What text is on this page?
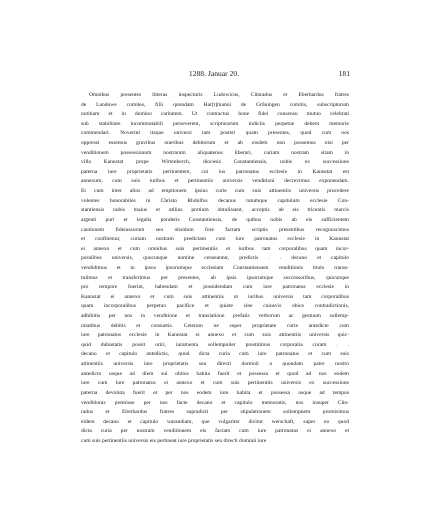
1288. Januar 20.	181
Omnibus presentes litteras inspecturis Ludowicus, Cůnradus et Eberhardus fratres
de Landowe comites, filii quondam Har[t]manni de Grůningen comitis, subscriptorum
notitiam et in domino caritatem. Ut contractus bone fidei consensu mutuo celebrati
sub stabilitate incommutabili perseverent, scripturarum indiciis perpetue debent memorie
commendari. Noverint itaque universi tam posteri quam presentes, quod cum nos
oppressi essemus gravibus oneribus debitorum et ab eisdem non possemus nisi per
venditionem possessionum nostrarum aliquatenus liberari, curiam nostram sitam in
villa Kannstat prope Wirtenberch, diocesis Constantiensis, nobis ex successione
paterna iure proprietatis pertinentem, cui ius patronatus ecclesie in Kannstat est
annexum, cum suis iuribus et pertinentiis universis venditioni decrevimus exponendam.
Et cum inter alios ad emptionem ipsius curie cum suis attinentiis universis procedere
volentes honorabiles in Christo Rhdolfus decanus totumque capitulum ecclesie Con-
stantiensis nobis maius et utilius pretium obtulissent, acceptis ab eis tricentis marcis
argenti puri et legalis ponderis Constantiensis, de quibus nobis ab eis sufficientem
cautionem fideiussorum seu obsidum fore factam scriptis presentibus recognoscimus
et confitemur, curiam nostram predictam cum iure patronatus ecclesie in Kannstat
ei annexo et cum omnibus suis pertinentiis et iuribus tam corporalibus quam incor-
poralibus universis, quocunque nomine censeantur, predictis . . decano et capitulo
vendidimus et in ipsos ipsorumque ecclesiam Constantiensem venditionis titulo transs-
tulimus et transferimus per presentes, ab ipsis ipsorumque successoribus, quicunque
pro tempore fuerint, habendam et possidendam cum iure patronatus ecclesie in
Kannstat ei annexo et cum suis attinentiis ut iuribus universis tam corporalibus
quam incorporalibus perpetuo pacifice et quiete sine cuiusvis obice contradictionis,
adhibitis per nos in venditione et translatione prefatis verborum ac gestuum sollemp-
nitatibus debitis et consuetis. Ceterum ne super proprietate curie antedicte cum
iure patronatus ecclesie in Kannstat ei annexo et cum suis attinentiis universis quic-
quid dubietatis possit oriri, iuramenta sollempniter prestitimus corporalia coram . .
decano et capitulo antedictis, quod dicta curia cum iure patronatus et cum suis
attinentiis universis iure proprietatis seu directi dominii a quondam patre nostro
antedicto usque ad diem sui obitus habita fuerit et possessa et quod ad nos eodem
iure cum iure patronatus ei annexo et cum suis pertinentiis universis ex successione
paterna devoluta fuerit et per nos eodem iure habita et possessa usque ad tempus
venditionis premisse per nos facte decano et capitulo memoratis, nos insuper Cůn-
radus et Eberhardus fratres supradicti per stipulationem sollempnem promisimus
eidem decano et capitulo warandiam, que vulgariter dicitur werschaft, super eo quod
dicta curia per nostram venditionem eis factam cum iure patronatus ei annexo et
cum suis pertinentiis universis eis pertineat iure proprietatis seu directi dominii iure
